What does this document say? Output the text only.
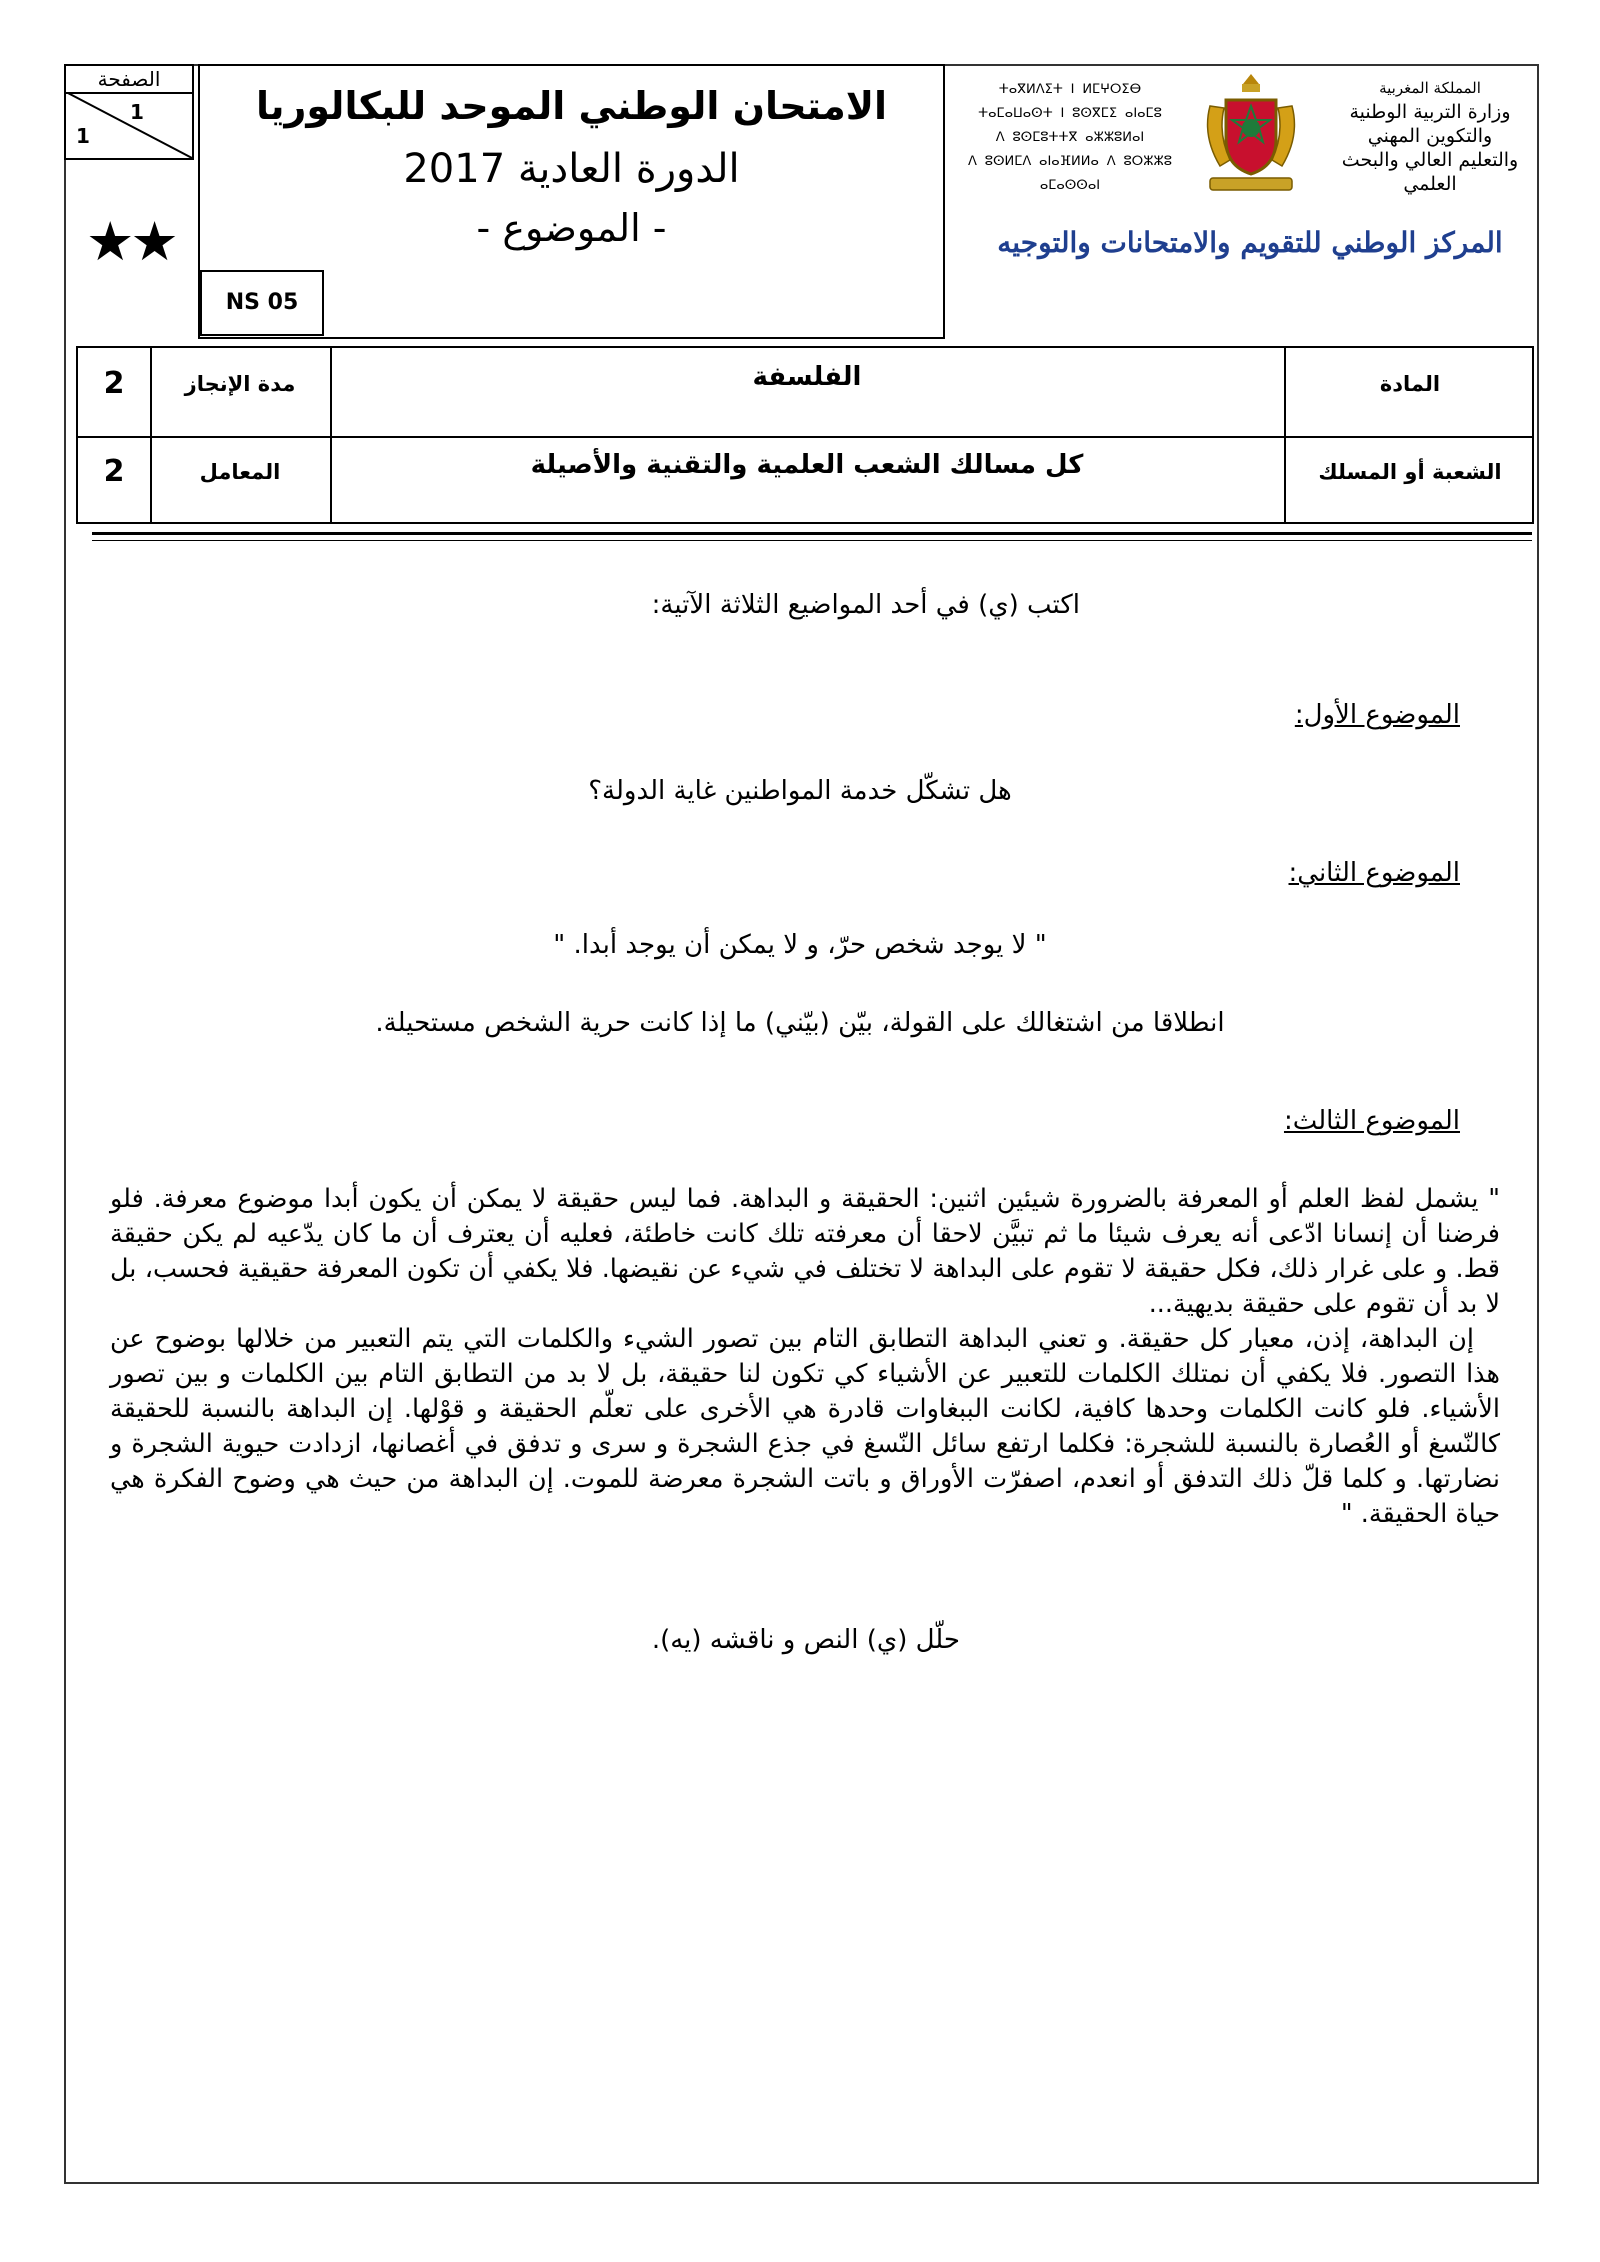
الصفحة
1
1
★★
الامتحان الوطني الموحد للبكالوريا
الدورة العادية 2017
- الموضوع -
NS 05
ⵜⴰⴳⵍⴷⵉⵜ ⵏ ⵍⵎⵖⵔⵉⴱ
ⵜⴰⵎⴰⵡⴰⵙⵜ ⵏ ⵓⵙⴳⵎⵉ ⴰⵏⴰⵎⵓ
ⴷ ⵓⵙⵎⵓⵜⵜⴳ ⴰⵣⵣⵓⵍⴰⵏ
ⴷ ⵓⵙⵍⵎⴷ ⴰⵏⴰⴼⵍⵍⴰ ⴷ ⵓⵔⵣⵣⵓ ⴰⵎⴰⵙⵙⴰⵏ
المملكة المغربية
وزارة التربية الوطنية
والتكوين المهني
والتعليم العالي والبحث العلمي
المركز الوطني للتقويم والامتحانات والتوجيه
2	مدة الإنجاز	الفلسفة	المادة
2	المعامل	كل مسالك الشعب العلمية والتقنية والأصيلة	الشعبة أو المسلك
اكتب (ي) في أحد المواضيع الثلاثة الآتية:
الموضوع الأول:
هل تشكّل خدمة المواطنين غاية الدولة؟
الموضوع الثاني:
" لا يوجد شخص حرّ، و لا يمكن أن يوجد أبدا. "
انطلاقا من اشتغالك على القولة، بيّن (بيّني) ما إذا كانت حرية الشخص مستحيلة.
الموضوع الثالث:

" يشمل لفظ العلم أو المعرفة بالضرورة شيئين اثنين: الحقيقة و البداهة. فما ليس حقيقة لا يمكن أن يكون أبدا موضوع معرفة. فلو فرضنا أن إنسانا ادّعى أنه يعرف شيئا ما ثم تبيَّن لاحقا أن معرفته تلك كانت خاطئة، فعليه أن يعترف أن ما كان يدّعيه لم يكن حقيقة قط. و على غرار ذلك، فكل حقيقة لا تقوم على البداهة لا تختلف في شيء عن نقيضها. فلا يكفي أن تكون المعرفة حقيقية فحسب، بل لا بد أن تقوم على حقيقة بديهية...

إن البداهة، إذن، معيار كل حقيقة. و تعني البداهة التطابق التام بين تصور الشيء والكلمات التي يتم التعبير من خلالها بوضوح عن هذا التصور. فلا يكفي أن نمتلك الكلمات للتعبير عن الأشياء كي تكون لنا حقيقة، بل لا بد من التطابق التام بين الكلمات و بين تصور الأشياء. فلو كانت الكلمات وحدها كافية، لكانت الببغاوات قادرة هي الأخرى على تعلّم الحقيقة و قوْلها. إن البداهة بالنسبة للحقيقة كالنّسغ أو العُصارة بالنسبة للشجرة: فكلما ارتفع سائل النّسغ في جذع الشجرة و سرى و تدفق في أغصانها، ازدادت حيوية الشجرة و نضارتها. و كلما قلّ ذلك التدفق أو انعدم، اصفرّت الأوراق و باتت الشجرة معرضة للموت. إن البداهة من حيث هي وضوح الفكرة هي حياة الحقيقة. "

حلّل (ي) النص و ناقشه (يه).
